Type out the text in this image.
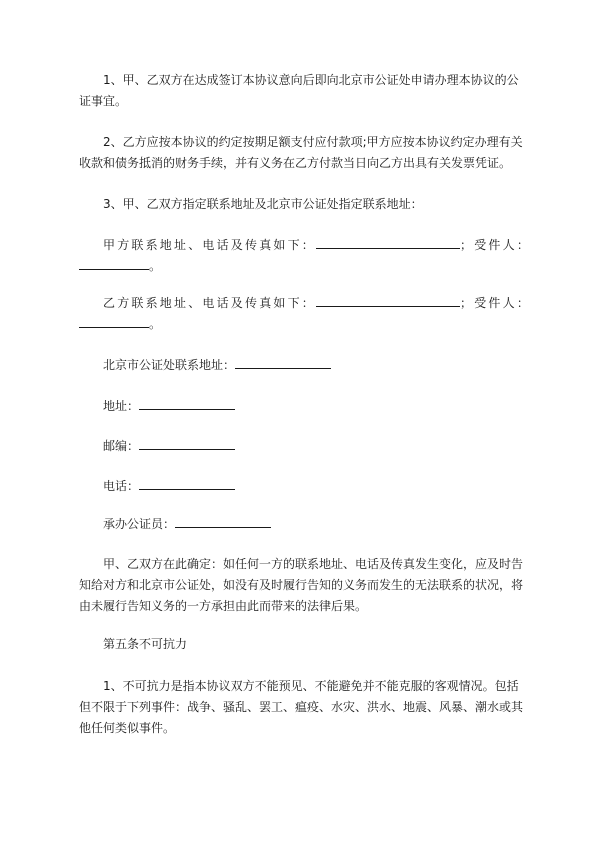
1、甲、乙双方在达成签订本协议意向后即向北京市公证处申请办理本协议的公
证事宜。

2、乙方应按本协议的约定按期足额支付应付款项;甲方应按本协议约定办理有关
收款和债务抵消的财务手续，并有义务在乙方付款当日向乙方出具有关发票凭证。

3、甲、乙双方指定联系地址及北京市公证处指定联系地址：

甲方联系地址、电话及传真如下：	；受件人：
。

乙方联系地址、电话及传真如下：	；受件人：
。

北京市公证处联系地址：

地址：

邮编：

电话：

承办公证员：

甲、乙双方在此确定：如任何一方的联系地址、电话及传真发生变化，应及时告
知给对方和北京市公证处，如没有及时履行告知的义务而发生的无法联系的状况，将
由未履行告知义务的一方承担由此而带来的法律后果。

第五条不可抗力

1、不可抗力是指本协议双方不能预见、不能避免并不能克服的客观情况。包括
但不限于下列事件：战争、骚乱、罢工、瘟疫、水灾、洪水、地震、风暴、潮水或其
他任何类似事件。
